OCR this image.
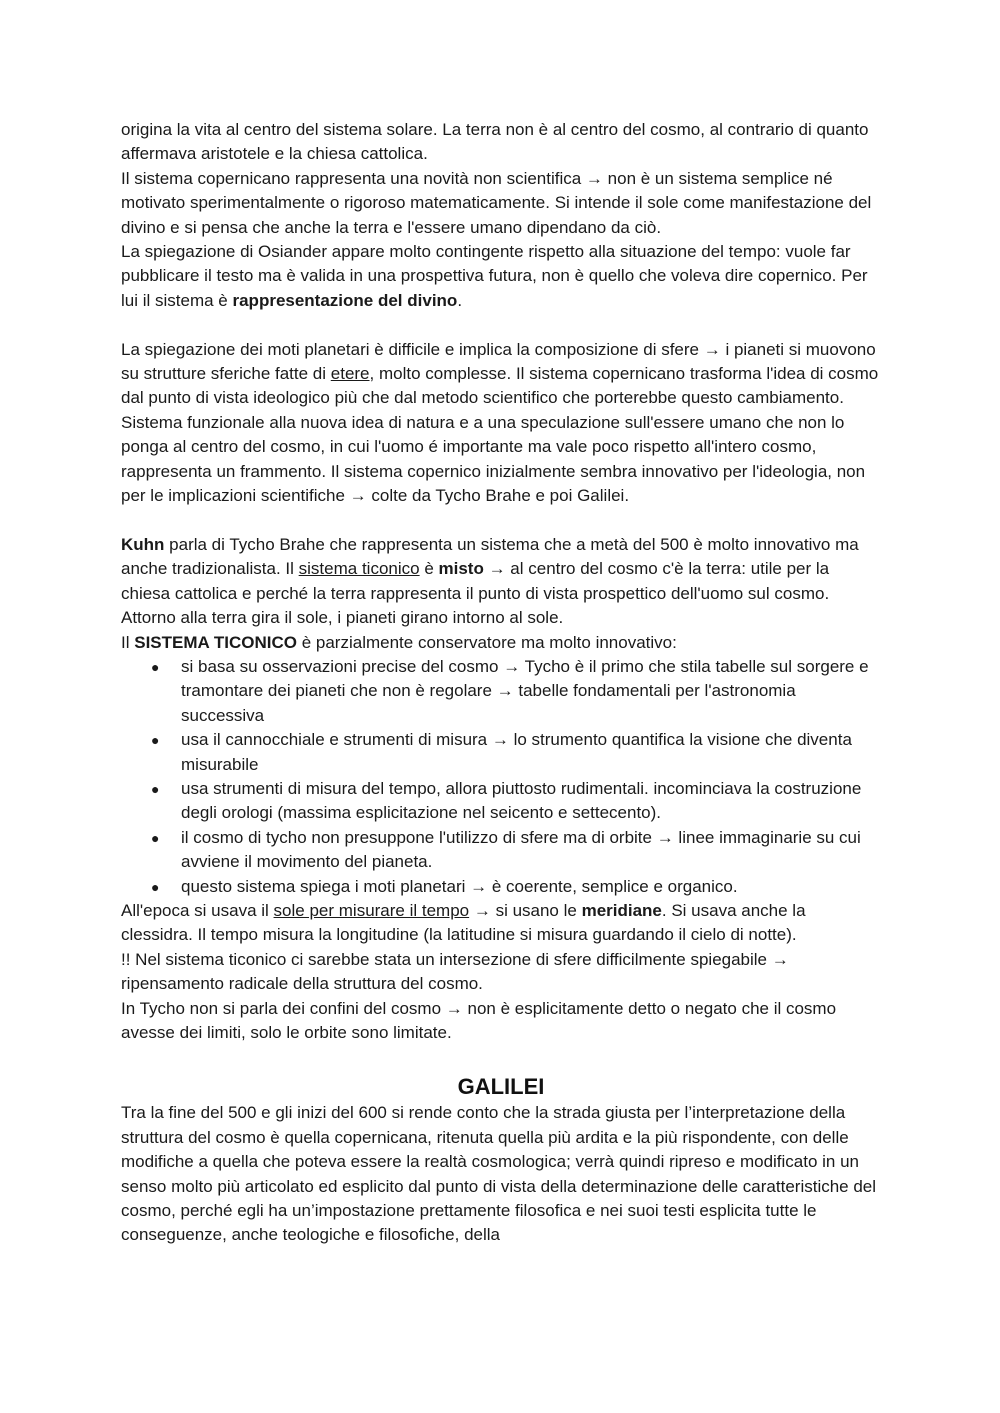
origina la vita al centro del sistema solare. La terra non è al centro del cosmo, al contrario di quanto affermava aristotele e la chiesa cattolica.

Il sistema copernicano rappresenta una novità non scientifica → non è un sistema semplice né motivato sperimentalmente o rigoroso matematicamente. Si intende il sole come manifestazione del divino e si pensa che anche la terra e l'essere umano dipendano da ciò.

La spiegazione di Osiander appare molto contingente rispetto alla situazione del tempo: vuole far pubblicare il testo ma è valida in una prospettiva futura, non è quello che voleva dire copernico. Per lui il sistema è rappresentazione del divino.

La spiegazione dei moti planetari è difficile e implica la composizione di sfere → i pianeti si muovono su strutture sferiche fatte di etere, molto complesse. Il sistema copernicano trasforma l'idea di cosmo dal punto di vista ideologico più che dal metodo scientifico che porterebbe questo cambiamento.

Sistema funzionale alla nuova idea di natura e a una speculazione sull'essere umano che non lo ponga al centro del cosmo, in cui l'uomo é importante ma vale poco rispetto all'intero cosmo, rappresenta un frammento. Il sistema copernico inizialmente sembra innovativo per l'ideologia, non per le implicazioni scientifiche → colte da Tycho Brahe e poi Galilei.

Kuhn parla di Tycho Brahe che rappresenta un sistema che a metà del 500 è molto innovativo ma anche tradizionalista. Il sistema ticonico è misto → al centro del cosmo c'è la terra: utile per la chiesa cattolica e perché la terra rappresenta il punto di vista prospettico dell'uomo sul cosmo. Attorno alla terra gira il sole, i pianeti girano intorno al sole.

Il SISTEMA TICONICO è parzialmente conservatore ma molto innovativo:

● si basa su osservazioni precise del cosmo → Tycho è il primo che stila tabelle sul sorgere e tramontare dei pianeti che non è regolare → tabelle fondamentali per l'astronomia successiva
● usa il cannocchiale e strumenti di misura → lo strumento quantifica la visione che diventa misurabile
● usa strumenti di misura del tempo, allora piuttosto rudimentali. incominciava la costruzione degli orologi (massima esplicitazione nel seicento e settecento).
● il cosmo di tycho non presuppone l'utilizzo di sfere ma di orbite → linee immaginarie su cui avviene il movimento del pianeta.
● questo sistema spiega i moti planetari → è coerente, semplice e organico.

All'epoca si usava il sole per misurare il tempo → si usano le meridiane. Si usava anche la clessidra. Il tempo misura la longitudine (la latitudine si misura guardando il cielo di notte).

!! Nel sistema ticonico ci sarebbe stata un intersezione di sfere difficilmente spiegabile → ripensamento radicale della struttura del cosmo.

In Tycho non si parla dei confini del cosmo → non è esplicitamente detto o negato che il cosmo avesse dei limiti, solo le orbite sono limitate.

GALILEI

Tra la fine del 500 e gli inizi del 600 si rende conto che la strada giusta per l’interpretazione della struttura del cosmo è quella copernicana, ritenuta quella più ardita e la più rispondente, con delle modifiche a quella che poteva essere la realtà cosmologica; verrà quindi ripreso e modificato in un senso molto più articolato ed esplicito dal punto di vista della determinazione delle caratteristiche del cosmo, perché egli ha un’impostazione prettamente filosofica e nei suoi testi esplicita tutte le conseguenze, anche teologiche e filosofiche, della
